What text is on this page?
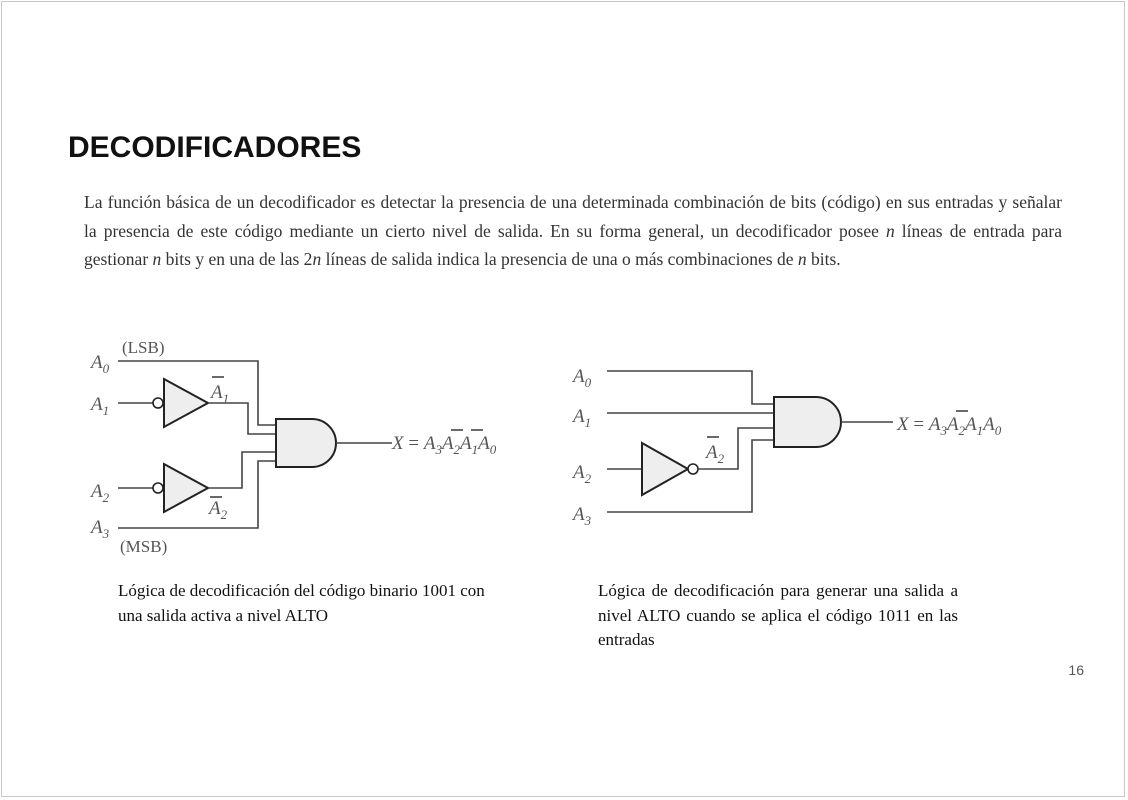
DECODIFICADORES
La función básica de un decodificador es detectar la presencia de una determinada combinación de bits (código) en sus entradas y señalar la presencia de este código mediante un cierto nivel de salida. En su forma general, un decodificador posee n líneas de entrada para gestionar n bits y en una de las 2n líneas de salida indica la presencia de una o más combinaciones de n bits.
(LSB)
(MSB)
$A_0$
$A_1$
$A_2$
$A_3$
$A_1$
$A_2$
$X = A_3A_2A_1A_0$
$A_0$
$A_1$
$A_2$
$A_3$
$A_2$
$X = A_3A_2A_1A_0$
Lógica de decodificación del código binario 1001 con una salida activa a nivel ALTO
Lógica de decodificación para generar una salida a nivel ALTO cuando se aplica el código 1011 en las entradas
16
